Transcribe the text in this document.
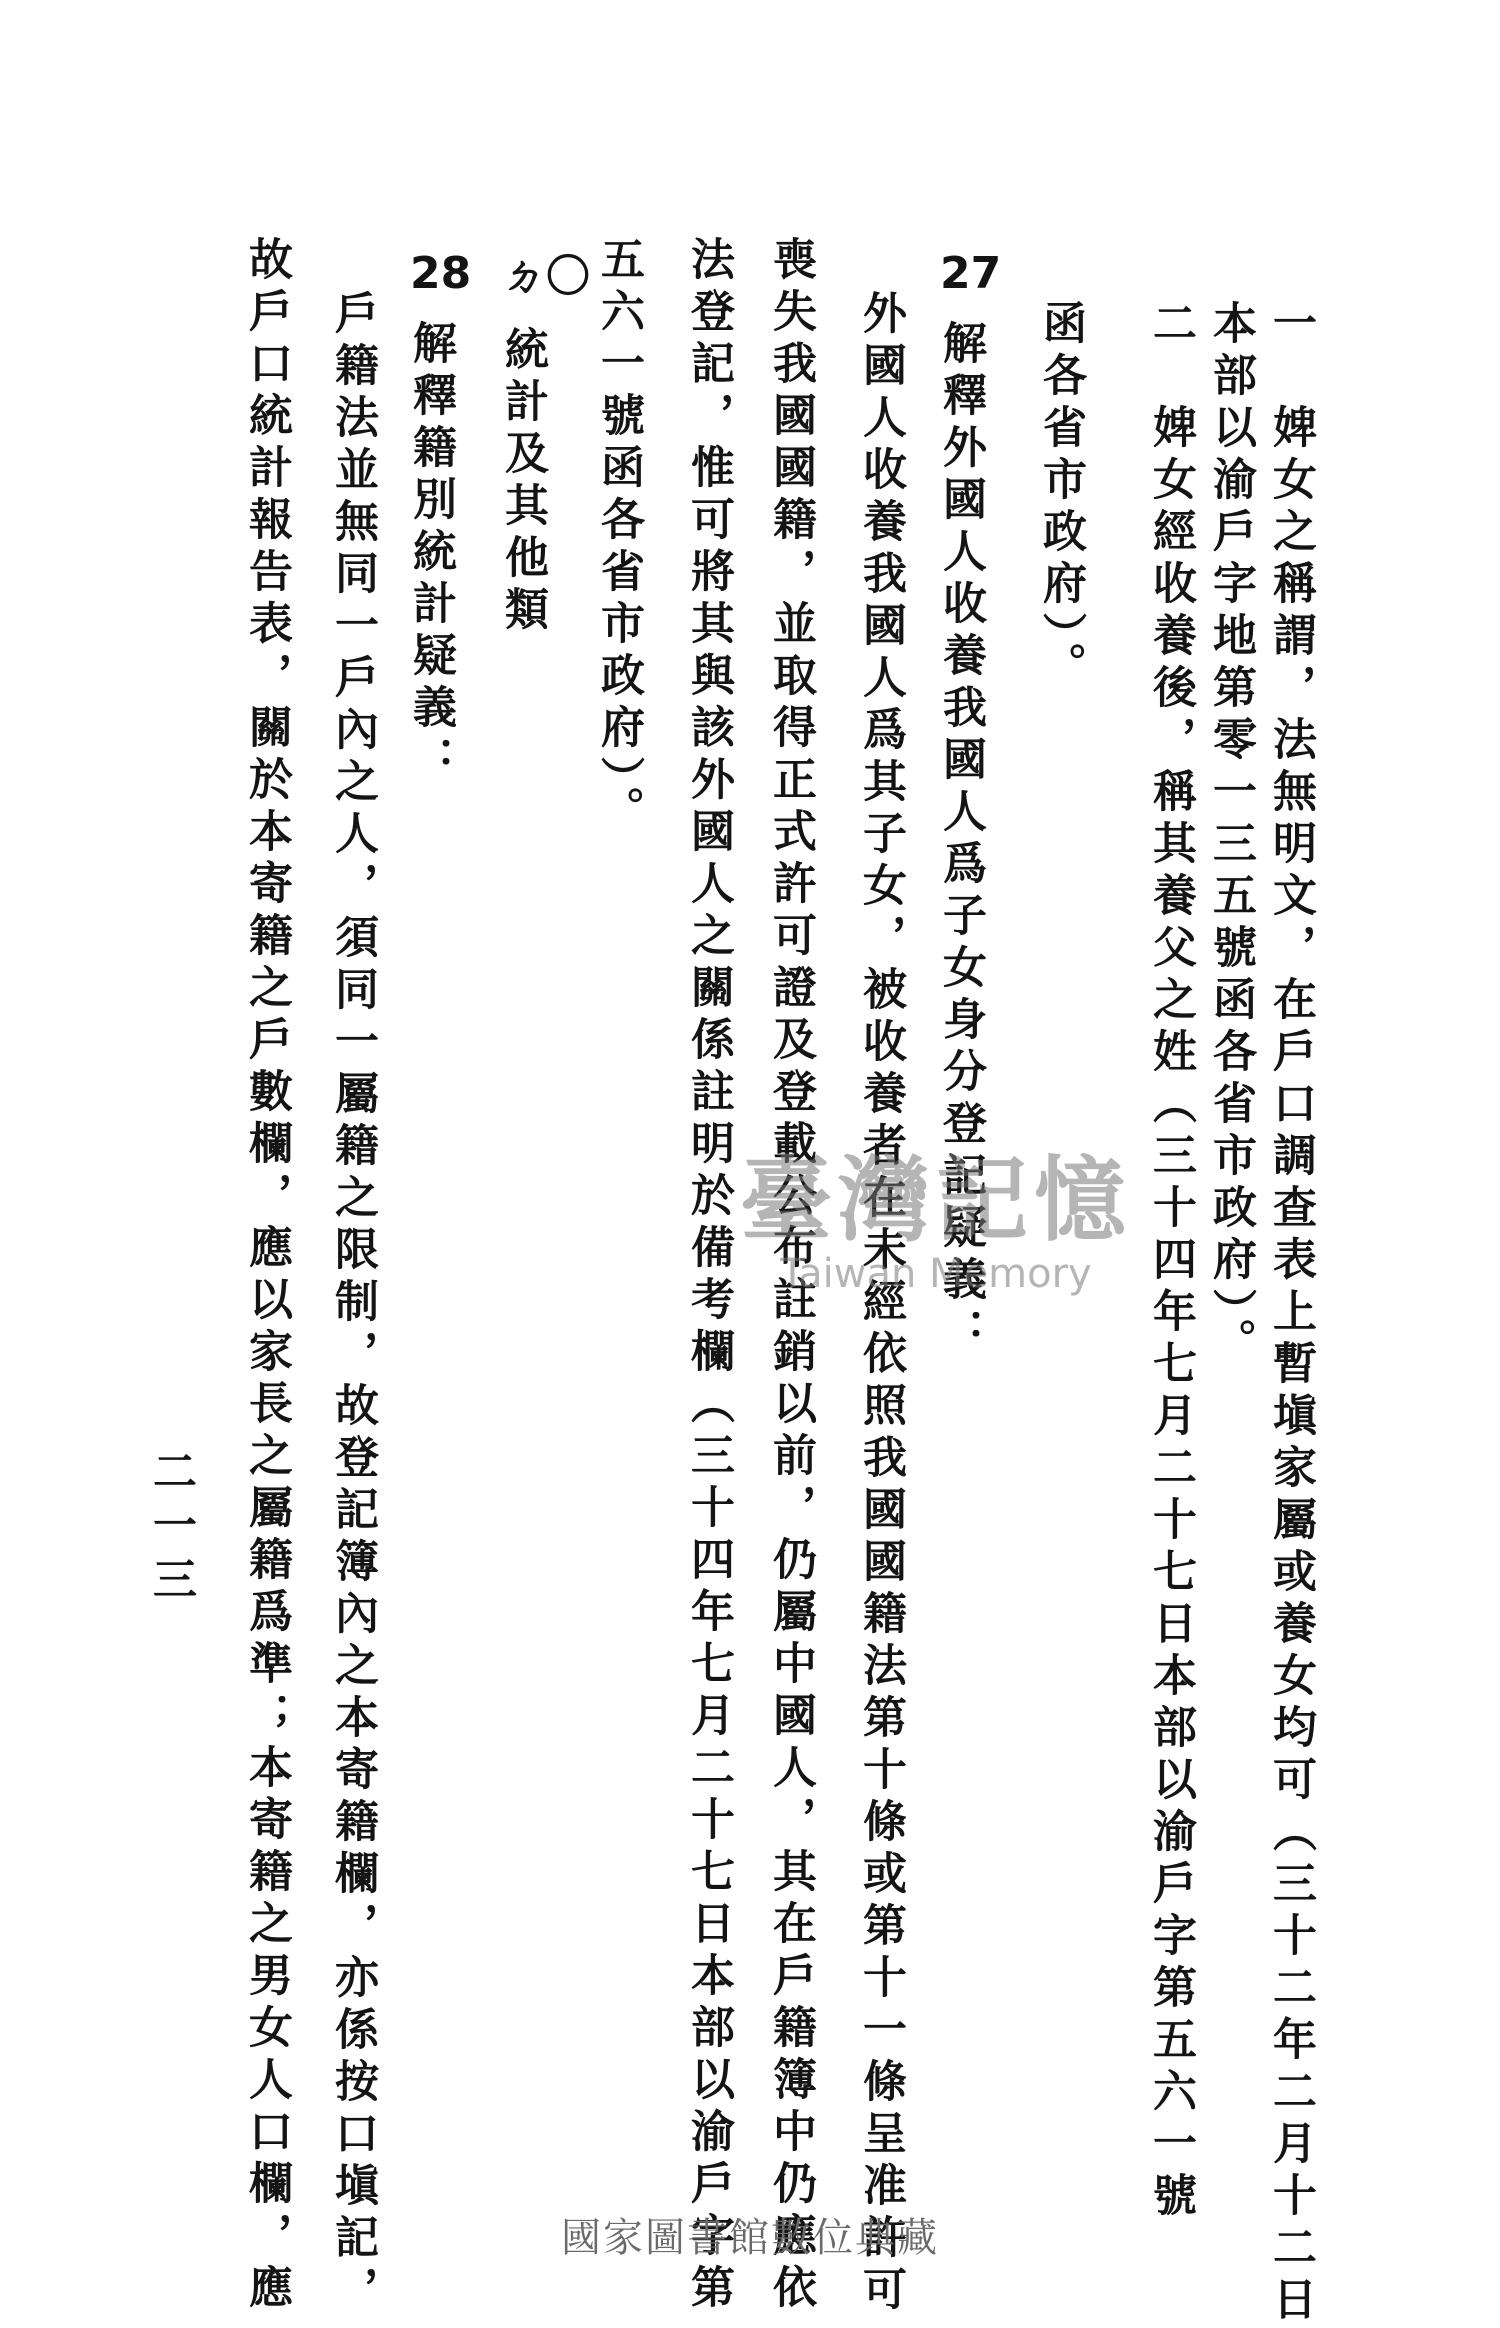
一　婢女之稱謂，法無明文，在戶口調查表上暫塡家屬或養女均可（三十二年二月十二日
本部以渝戶字地第零一三五號函各省市政府）。
二　婢女經收養後，稱其養父之姓（三十四年七月二十七日本部以渝戶字第五六一號
函各省市政府）。
27
解釋外國人收養我國人爲子女身分登記疑義：
外國人收養我國人爲其子女，被收養者在未經依照我國國籍法第十條或第十一條呈准許可
喪失我國國籍，並取得正式許可證及登載公布註銷以前，仍屬中國人，其在戶籍簿中仍應依
法登記，惟可將其與該外國人之關係註明於備考欄（三十四年七月二十七日本部以渝戶字第
五六一號函各省市政府）。
ㄉ〇
統計及其他類
28
解釋籍別統計疑義：
戶籍法並無同一戶內之人，須同一屬籍之限制，故登記簿內之本寄籍欄，亦係按口塡記，
故戶口統計報告表，關於本寄籍之戶數欄，應以家長之屬籍爲準；本寄籍之男女人口欄，應
二一三
臺灣記憶
Taiwan Memory
國家圖書館數位典藏
